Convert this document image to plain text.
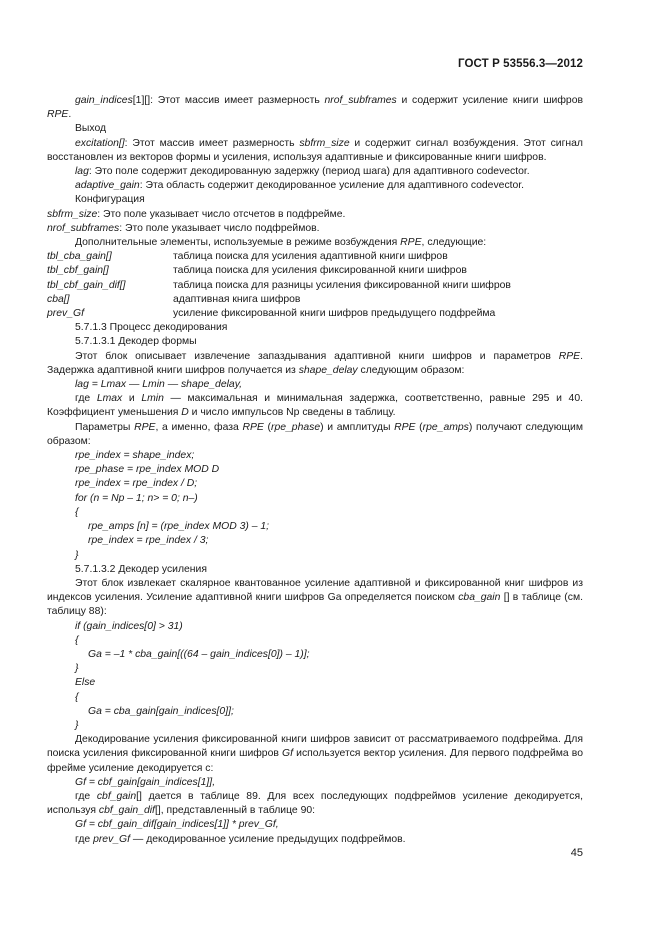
ГОСТ Р 53556.3—2012

gain_indices[1][]: Этот массив имеет размерность nrof_subframes и содержит усиление книги шифров RPE.

Выход

excitation[]: Этот массив имеет размерность sbfrm_size и содержит сигнал возбуждения. Этот сигнал восстановлен из векторов формы и усиления, используя адаптивные и фиксированные книги шифров.

lag: Это поле содержит декодированную задержку (период шага) для адаптивного codevector.

adaptive_gain: Эта область содержит декодированное усиление для адаптивного codevector.

Конфигурация

sbfrm_size: Это поле указывает число отсчетов в подфрейме.

nrof_subframes: Это поле указывает число подфреймов.

Дополнительные элементы, используемые в режиме возбуждения RPE, следующие:

tbl_cba_gain[]	таблица поиска для усиления адаптивной книги шифров
tbl_cbf_gain[]	таблица поиска для усиления фиксированной книги шифров
tbl_cbf_gain_dif[]	таблица поиска для разницы усиления фиксированной книги шифров
cba[]	адаптивная книга шифров
prev_Gf	усиление фиксированной книги шифров предыдущего подфрейма

5.7.1.3 Процесс декодирования

5.7.1.3.1 Декодер формы

Этот блок описывает извлечение запаздывания адаптивной книги шифров и параметров RPE. Задержка адаптивной книги шифров получается из shape_delay следующим образом:

lag = Lmax — Lmin — shape_delay,

где Lmax и Lmin — максимальная и минимальная задержка, соответственно, равные 295 и 40. Коэффициент уменьшения D и число импульсов Np сведены в таблицу.

Параметры RPE, а именно, фаза RPE (rpe_phase) и амплитуды RPE (rpe_amps) получают следующим образом:

rpe_index = shape_index;

rpe_phase = rpe_index MOD D

rpe_index = rpe_index / D;

for (n = Np – 1; n> = 0; n–)

{

rpe_amps [n] = (rpe_index MOD 3) – 1;

rpe_index = rpe_index / 3;

}

5.7.1.3.2 Декодер усиления

Этот блок извлекает скалярное квантованное усиление адаптивной и фиксированной книг шифров из индексов усиления. Усиление адаптивной книги шифров Ga определяется поиском cba_gain [] в таблице (см. таблицу 88):

if (gain_indices[0] > 31)

{

Ga = –1 * cba_gain[((64 – gain_indices[0]) – 1)];

}

Else

{

Ga = cba_gain[gain_indices[0]];

}

Декодирование усиления фиксированной книги шифров зависит от рассматриваемого подфрейма. Для поиска усиления фиксированной книги шифров Gf используется вектор усиления. Для первого подфрейма во фрейме усиление декодируется с:

Gf = cbf_gain[gain_indices[1]],

где cbf_gain[] дается в таблице 89. Для всех последующих подфреймов усиление декодируется, используя cbf_gain_dif[], представленный в таблице 90:

Gf = cbf_gain_dif[gain_indices[1]] * prev_Gf,

где prev_Gf — декодированное усиление предыдущих подфреймов.

45
